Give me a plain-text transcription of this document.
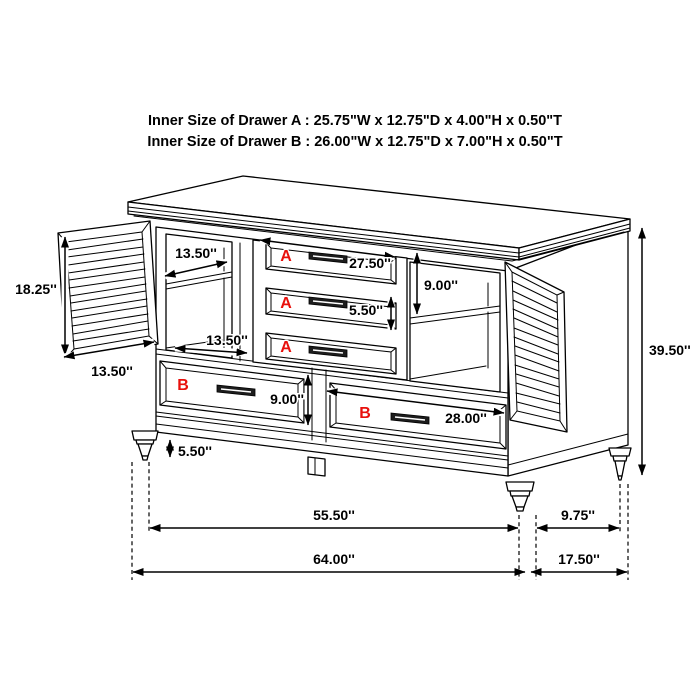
Inner Size of Drawer A : 25.75"W x 12.75"D x 4.00"H x 0.50"T
Inner Size of Drawer B : 26.00"W x 12.75"D x 7.00"H x 0.50"T
18.25''
13.50''
13.50''
13.50''
27.50''
5.50''
9.00''
9.00''
28.00''
5.50''
39.50''
55.50''	9.75''
64.00''	17.50''
A
A
A
B
B
